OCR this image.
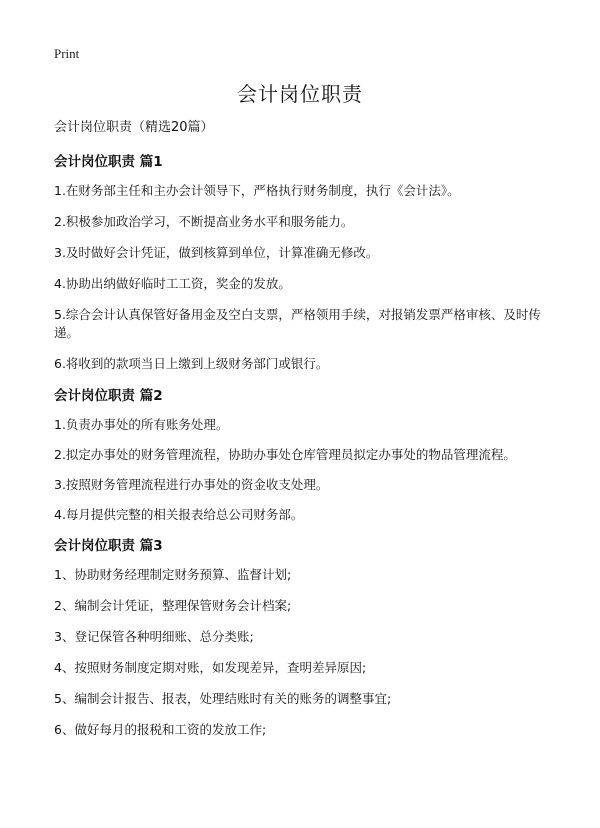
Print
会计岗位职责
会计岗位职责（精选20篇）
会计岗位职责 篇1
1.在财务部主任和主办会计领导下，严格执行财务制度，执行《会计法》。
2.积极参加政治学习，不断提高业务水平和服务能力。
3.及时做好会计凭证，做到核算到单位，计算准确无修改。
4.协助出纳做好临时工工资，奖金的发放。
5.综合会计认真保管好备用金及空白支票，严格领用手续，对报销发票严格审核、及时传递。
6.将收到的款项当日上缴到上级财务部门或银行。
会计岗位职责 篇2
1.负责办事处的所有账务处理。
2.拟定办事处的财务管理流程，协助办事处仓库管理员拟定办事处的物品管理流程。
3.按照财务管理流程进行办事处的资金收支处理。
4.每月提供完整的相关报表给总公司财务部。
会计岗位职责 篇3
1、协助财务经理制定财务预算、监督计划;
2、编制会计凭证，整理保管财务会计档案;
3、登记保管各种明细账、总分类账;
4、按照财务制度定期对账，如发现差异，查明差异原因;
5、编制会计报告、报表，处理结账时有关的账务的调整事宜;
6、做好每月的报税和工资的发放工作;
